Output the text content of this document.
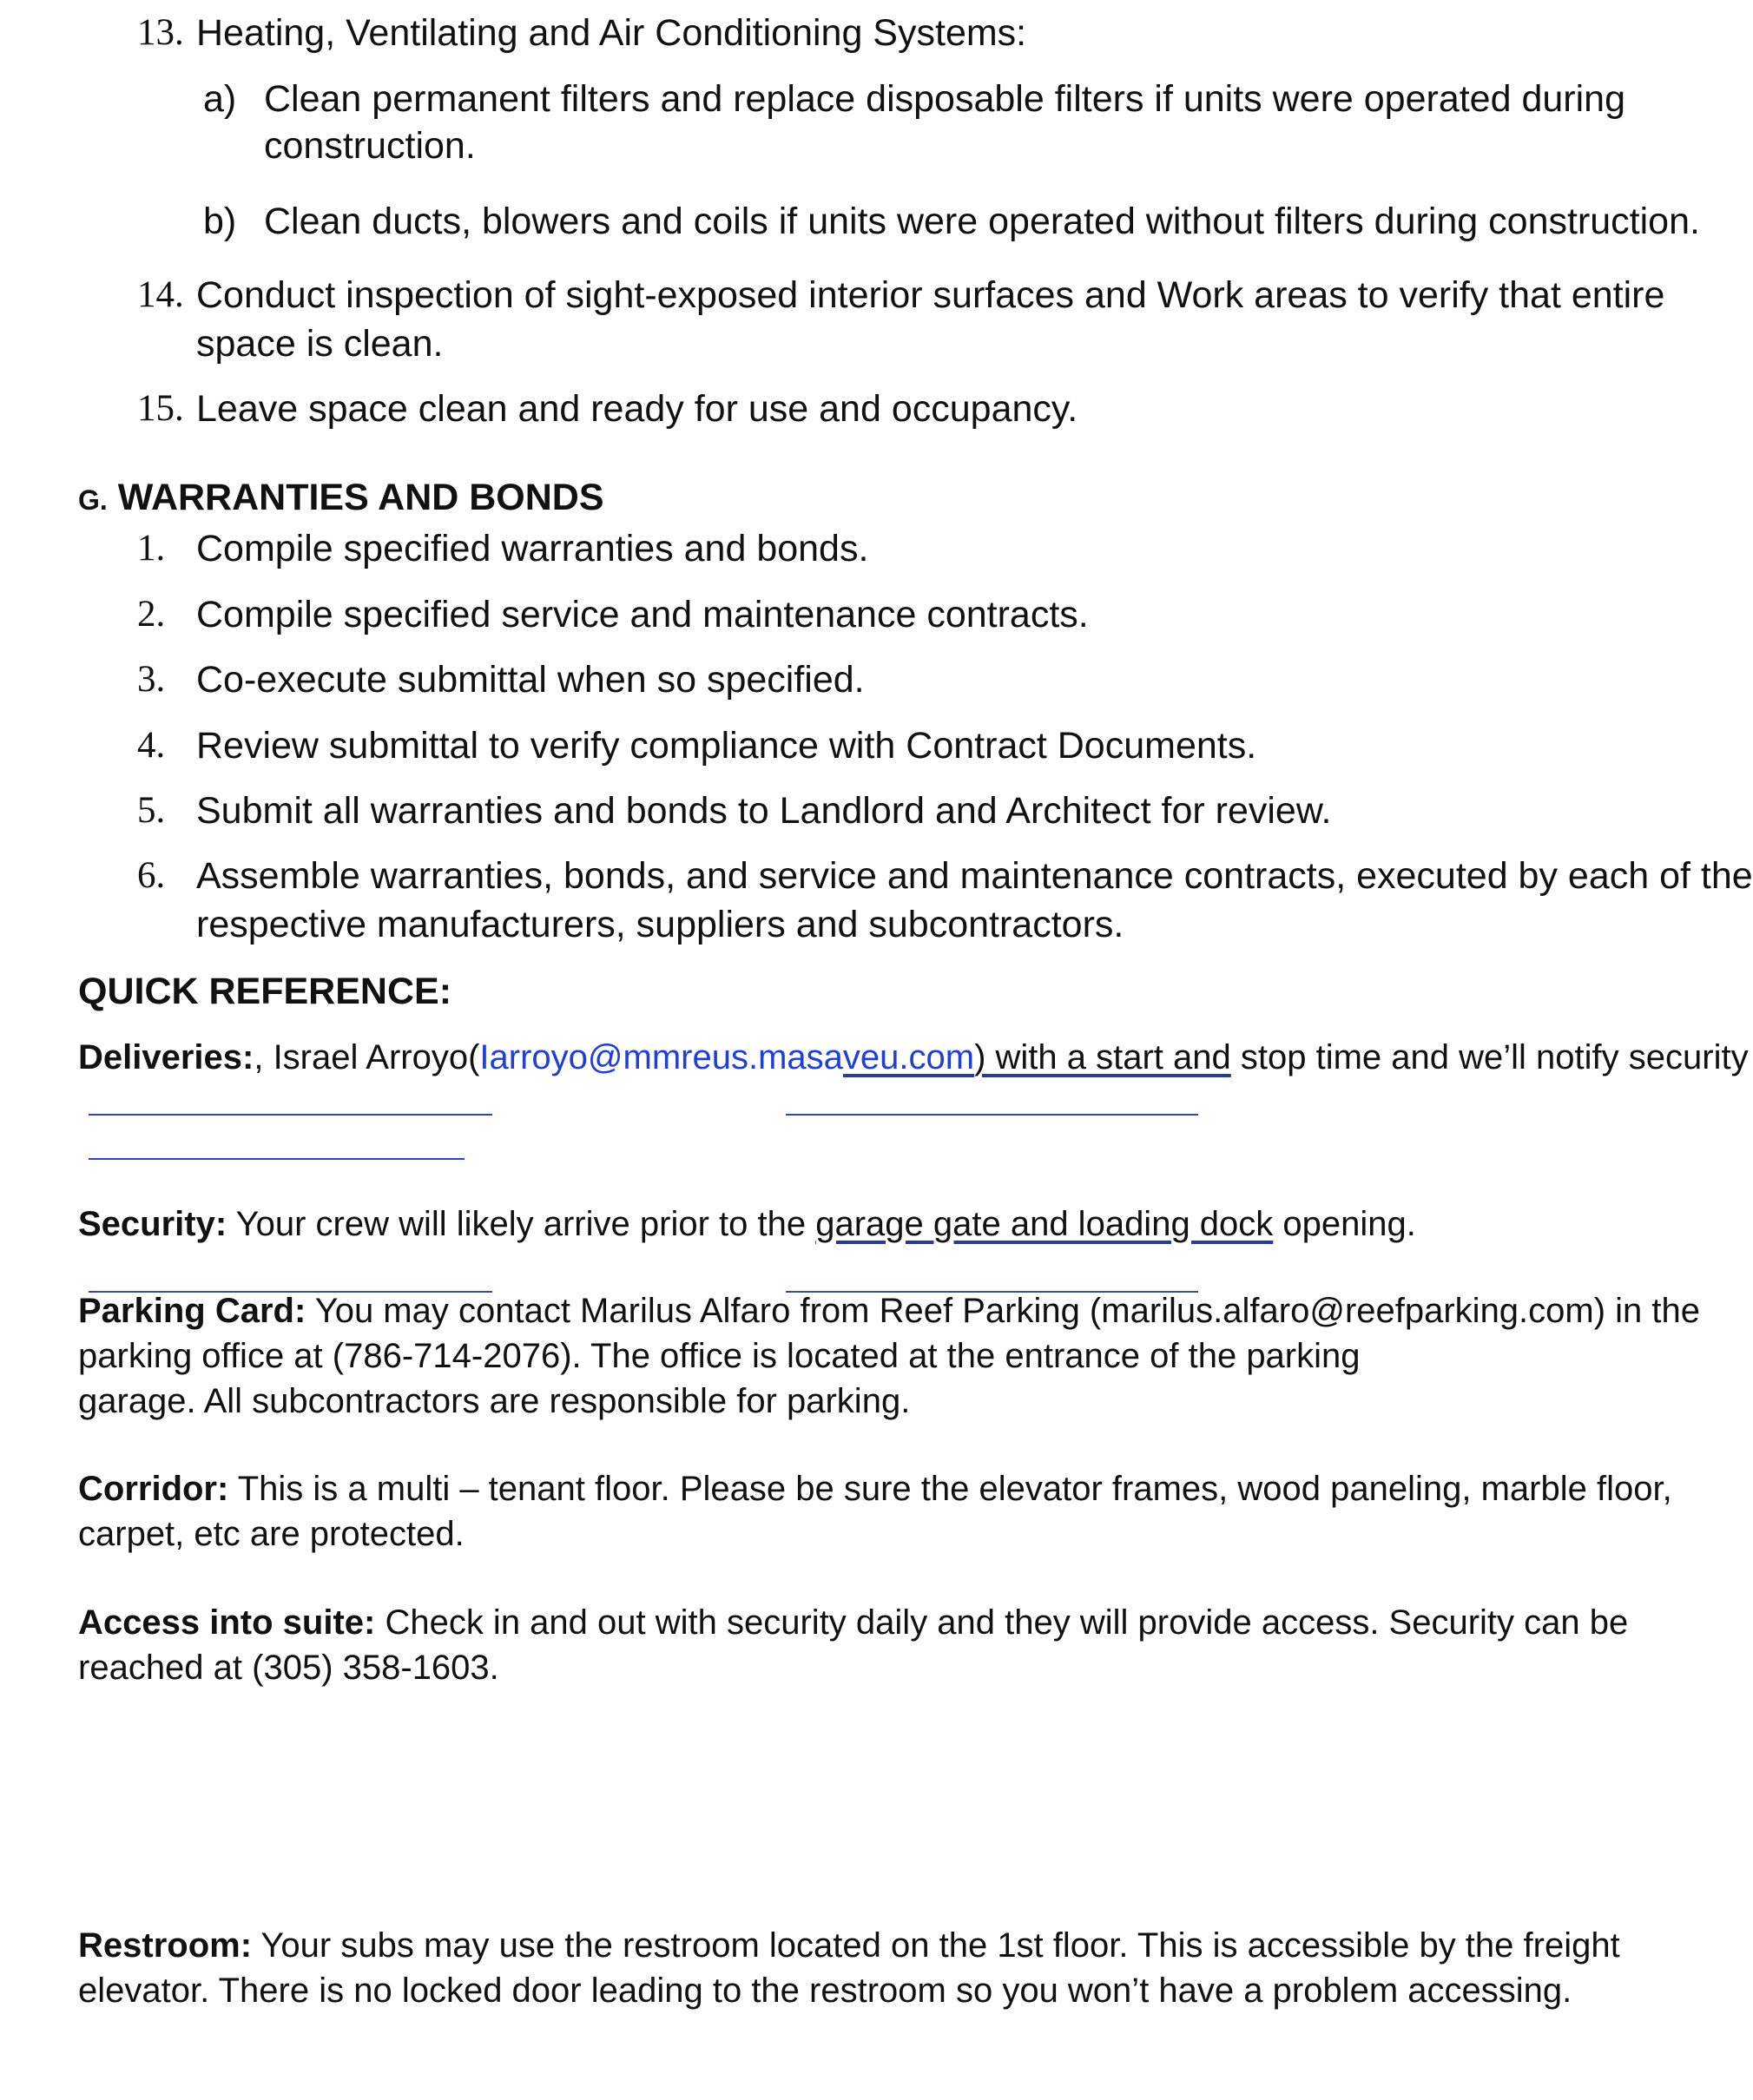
13. Heating, Ventilating and Air Conditioning Systems:
a) Clean permanent filters and replace disposable filters if units were operated during
construction.
b) Clean ducts, blowers and coils if units were operated without filters during construction.
14. Conduct inspection of sight-exposed interior surfaces and Work areas to verify that entire
space is clean.
15. Leave space clean and ready for use and occupancy.
G. WARRANTIES AND BONDS
1. Compile specified warranties and bonds.
2. Compile specified service and maintenance contracts.
3. Co-execute submittal when so specified.
4. Review submittal to verify compliance with Contract Documents.
5. Submit all warranties and bonds to Landlord and Architect for review.
6. Assemble warranties, bonds, and service and maintenance contracts, executed by each of the
respective manufacturers, suppliers and subcontractors.
QUICK REFERENCE:
Deliveries:, Israel Arroyo(Iarroyo@mmreus.masaveu.com) with a start and stop time and we’ll notify security
Security: Your crew will likely arrive prior to the garage gate and loading dock opening.
Parking Card: You may contact Marilus Alfaro from Reef Parking (marilus.alfaro@reefparking.com) in the
parking office at (786-714-2076). The office is located at the entrance of the parking
garage. All subcontractors are responsible for parking.
Corridor: This is a multi – tenant floor. Please be sure the elevator frames, wood paneling, marble floor,
carpet, etc are protected.
Access into suite: Check in and out with security daily and they will provide access. Security can be
reached at (305) 358-1603.
Restroom: Your subs may use the restroom located on the 1st floor. This is accessible by the freight
elevator. There is no locked door leading to the restroom so you won’t have a problem accessing.
